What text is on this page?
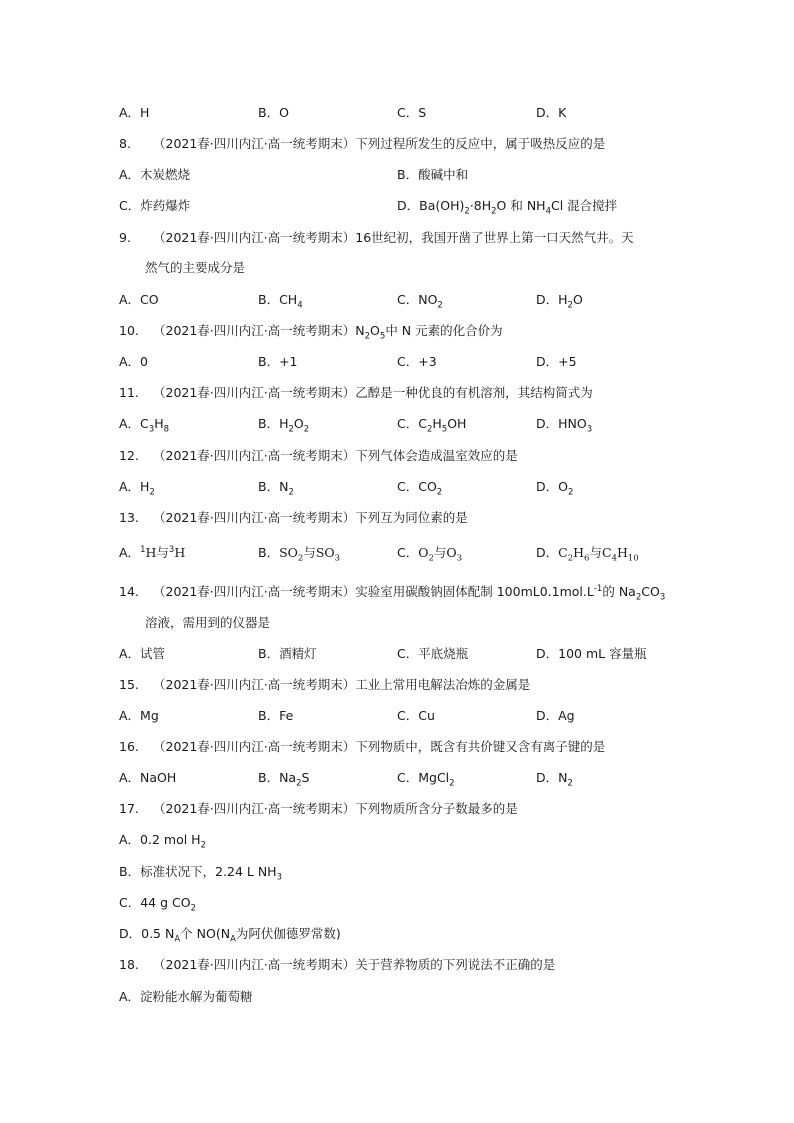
A．H	B．O	C．S	D．K
8. （2021春·四川内江·高一统考期末）下列过程所发生的反应中，属于吸热反应的是
A．木炭燃烧	B．酸碱中和
C．炸药爆炸	D．$Ba(OH)_2\cdot 8H_2O$ 和 $NH_4Cl$ 混合搅拌
9. （2021春·四川内江·高一统考期末）16世纪初，我国开凿了世界上第一口天然气井。天
然气的主要成分是
A．CO	B．$CH_4$	C．$NO_2$	D．$H_2O$
10. （2021春·四川内江·高一统考期末）$N_2O_5$中 N 元素的化合价为
A．0	B．+1	C．+3	D．+5
11. （2021春·四川内江·高一统考期末）乙醇是一种优良的有机溶剂，其结构简式为
A．$C_3H_8$	B．$H_2O_2$	C．$C_2H_5OH$	D．$HNO_3$
12. （2021春·四川内江·高一统考期末）下列气体会造成温室效应的是
A．$H_2$	B．$N_2$	C．$CO_2$	D．$O_2$
13. （2021春·四川内江·高一统考期末）下列互为同位素的是
A．$^1$H与$^3$H	B．$SO_2$与$SO_3$	C．$O_2$与$O_3$	D．$C_2H_6$与$C_4H_{10}$
14. （2021春·四川内江·高一统考期末）实验室用碳酸钠固体配制 $100mL0.1mol.L^{-1}$的 $Na_2CO_3$
溶液，需用到的仪器是
A．试管	B．酒精灯	C．平底烧瓶	D．100 mL 容量瓶
15. （2021春·四川内江·高一统考期末）工业上常用电解法冶炼的金属是
A．Mg	B．Fe	C．Cu	D．Ag
16. （2021春·四川内江·高一统考期末）下列物质中，既含有共价键又含有离子键的是
A．NaOH	B．$Na_2S$	C．MgCl$_2$	D．$N_2$
17. （2021春·四川内江·高一统考期末）下列物质所含分子数最多的是
A．0.2 mol $H_2$
B．标准状况下，2.24 L $NH_3$
C．44 g $CO_2$
D．0.5 $N_A$个 $NO(N_A$为阿伏伽德罗常数)
18. （2021春·四川内江·高一统考期末）关于营养物质的下列说法不正确的是
A．淀粉能水解为葡萄糖
